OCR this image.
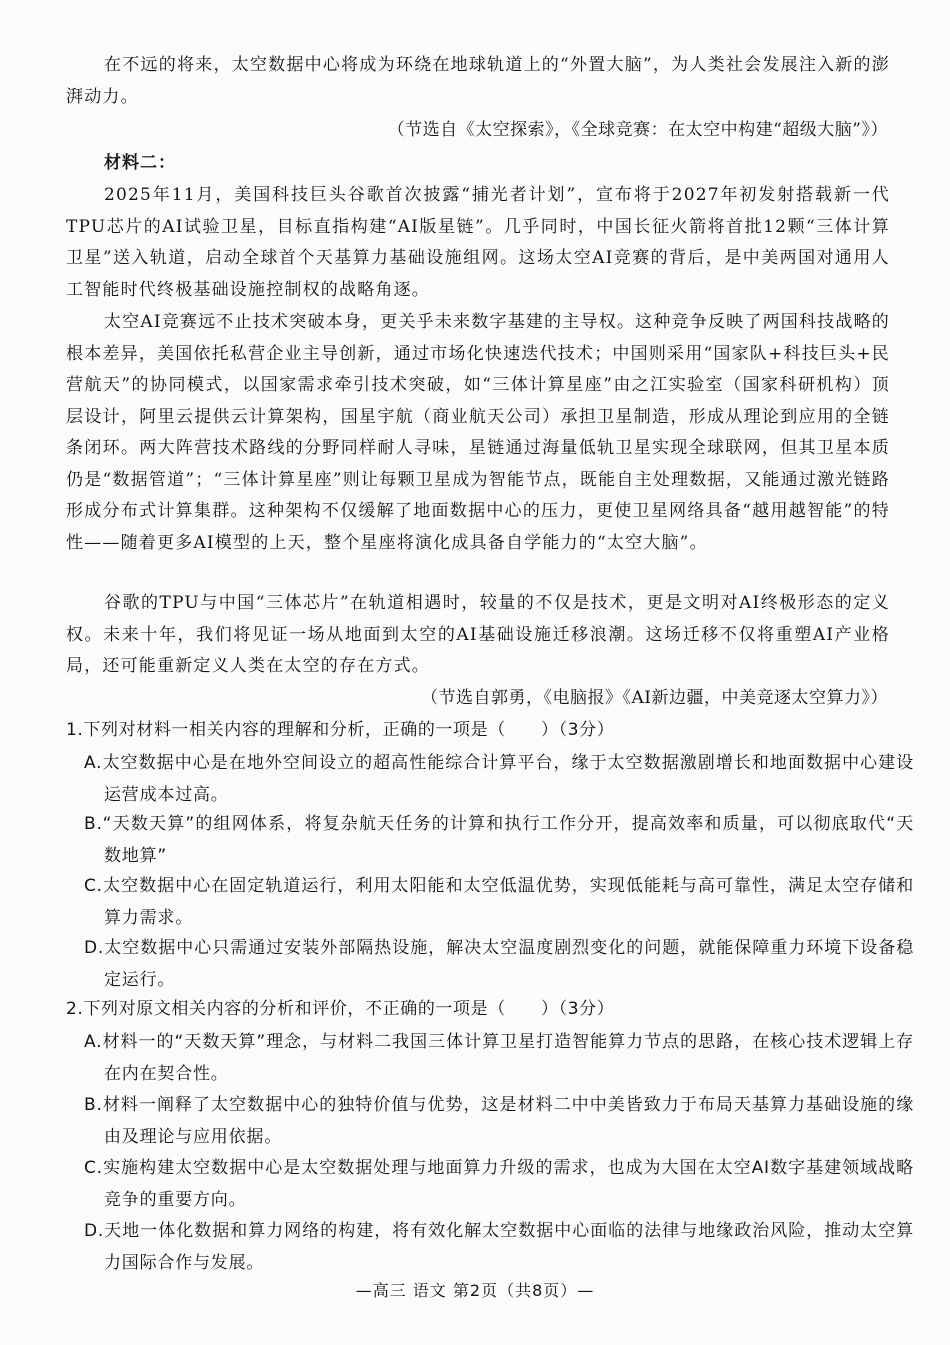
在不远的将来，太空数据中心将成为环绕在地球轨道上的“外置大脑”，为人类社会发展注入新的澎湃动力。
（节选自《太空探索》，《全球竞赛：在太空中构建“超级大脑”》）
材料二：
2025年11月，美国科技巨头谷歌首次披露“捕光者计划”，宣布将于2027年初发射搭载新一代TPU芯片的AI试验卫星，目标直指构建“AI版星链”。几乎同时，中国长征火箭将首批12颗“三体计算卫星”送入轨道，启动全球首个天基算力基础设施组网。这场太空AI竞赛的背后，是中美两国对通用人工智能时代终极基础设施控制权的战略角逐。
太空AI竞赛远不止技术突破本身，更关乎未来数字基建的主导权。这种竞争反映了两国科技战略的根本差异，美国依托私营企业主导创新，通过市场化快速迭代技术；中国则采用“国家队+科技巨头+民营航天”的协同模式，以国家需求牵引技术突破，如“三体计算星座”由之江实验室（国家科研机构）顶层设计，阿里云提供云计算架构，国星宇航（商业航天公司）承担卫星制造，形成从理论到应用的全链条闭环。两大阵营技术路线的分野同样耐人寻味，星链通过海量低轨卫星实现全球联网，但其卫星本质仍是“数据管道”；“三体计算星座”则让每颗卫星成为智能节点，既能自主处理数据，又能通过激光链路形成分布式计算集群。这种架构不仅缓解了地面数据中心的压力，更使卫星网络具备“越用越智能”的特性——随着更多AI模型的上天，整个星座将演化成具备自学能力的“太空大脑”。
谷歌的TPU与中国“三体芯片”在轨道相遇时，较量的不仅是技术，更是文明对AI终极形态的定义权。未来十年，我们将见证一场从地面到太空的AI基础设施迁移浪潮。这场迁移不仅将重塑AI产业格局，还可能重新定义人类在太空的存在方式。
（节选自郭勇，《电脑报》《AI新边疆，中美竞逐太空算力》）
1.下列对材料一相关内容的理解和分析，正确的一项是（　　）（3分）
A.太空数据中心是在地外空间设立的超高性能综合计算平台，缘于太空数据激剧增长和地面数据中心建设运营成本过高。
B.“天数天算”的组网体系，将复杂航天任务的计算和执行工作分开，提高效率和质量，可以彻底取代“天数地算”
C.太空数据中心在固定轨道运行，利用太阳能和太空低温优势，实现低能耗与高可靠性，满足太空存储和算力需求。
D.太空数据中心只需通过安装外部隔热设施，解决太空温度剧烈变化的问题，就能保障重力环境下设备稳定运行。
2.下列对原文相关内容的分析和评价，不正确的一项是（　　）（3分）
A.材料一的“天数天算”理念，与材料二我国三体计算卫星打造智能算力节点的思路，在核心技术逻辑上存在内在契合性。
B.材料一阐释了太空数据中心的独特价值与优势，这是材料二中中美皆致力于布局天基算力基础设施的缘由及理论与应用依据。
C.实施构建太空数据中心是太空数据处理与地面算力升级的需求，也成为大国在太空AI数字基建领域战略竞争的重要方向。
D.天地一体化数据和算力网络的构建，将有效化解太空数据中心面临的法律与地缘政治风险，推动太空算力国际合作与发展。
—高三 语文 第2页（共8页）—
